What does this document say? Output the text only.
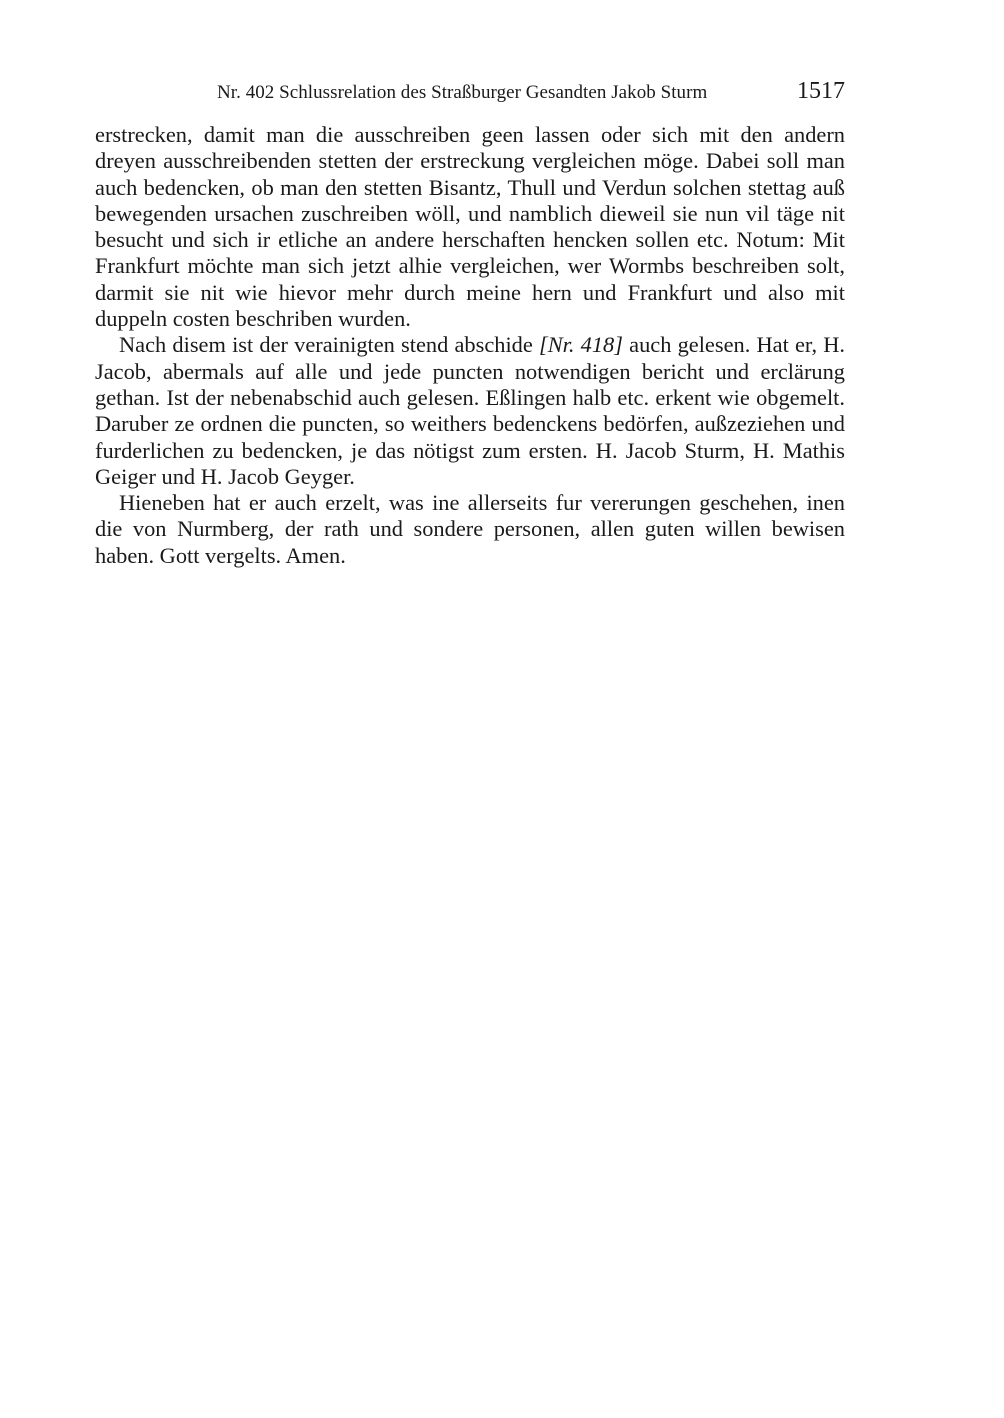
Nr. 402 Schlussrelation des Straßburger Gesandten Jakob Sturm	1517

erstrecken, damit man die ausschreiben geen lassen oder sich mit den andern dreyen ausschreibenden stetten der erstreckung vergleichen möge. Dabei soll man auch bedencken, ob man den stetten Bisantz, Thull und Verdun solchen stettag auß bewegenden ursachen zuschreiben wöll, und namblich dieweil sie nun vil täge nit besucht und sich ir etliche an andere herschaften hencken sollen etc. Notum: Mit Frankfurt möchte man sich jetzt alhie vergleichen, wer Wormbs beschreiben solt, darmit sie nit wie hievor mehr durch meine hern und Frankfurt und also mit duppeln costen beschriben wurden.

Nach disem ist der verainigten stend abschide [Nr. 418] auch gelesen. Hat er, H. Jacob, abermals auf alle und jede puncten notwendigen bericht und erclärung gethan. Ist der nebenabschid auch gelesen. Eßlingen halb etc. erkent wie obgemelt. Daruber ze ordnen die puncten, so weithers bedenckens bedörfen, außzeziehen und furderlichen zu bedencken, je das nötigst zum ersten. H. Jacob Sturm, H. Mathis Geiger und H. Jacob Geyger.

Hieneben hat er auch erzelt, was ine allerseits fur vererungen geschehen, inen die von Nurmberg, der rath und sondere personen, allen guten willen bewisen haben. Gott vergelts. Amen.
